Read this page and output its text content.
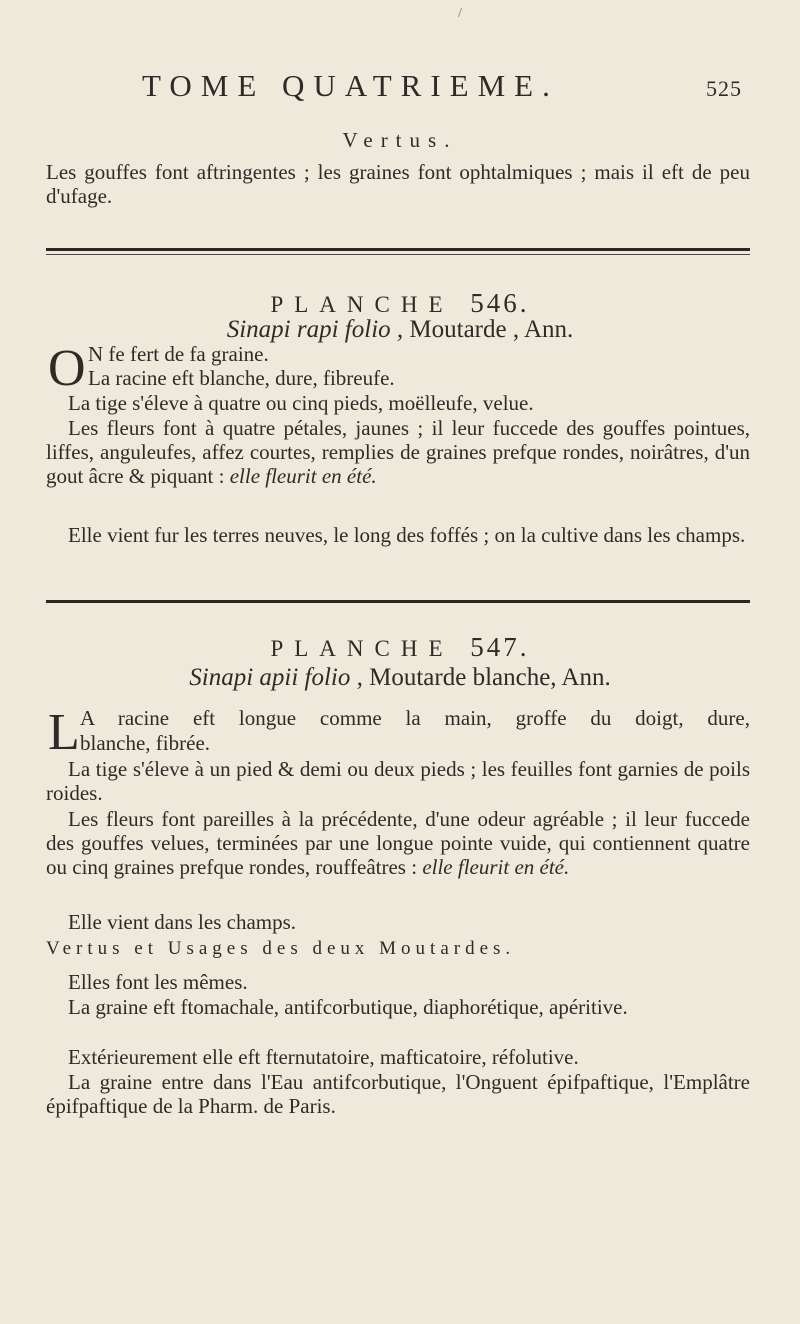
/
TOME QUATRIEME.	525
Vertus.

Les gouffes font aftringentes ; les graines font ophtalmiques ; mais il eft de peu d'ufage.

PLANCHE 546.
Sinapi rapi folio , Moutarde , Ann.
O N fe fert de fa graine.

La racine eft blanche, dure, fibreufe.

La tige s'éleve à quatre ou cinq pieds, moëlleufe, velue.

Les fleurs font à quatre pétales, jaunes ; il leur fuccede des gouffes pointues, liffes, anguleufes, affez courtes, remplies de graines prefque rondes, noirâtres, d'un gout âcre & piquant : elle fleurit en été.

Elle vient fur les terres neuves, le long des foffés ; on la cultive dans les champs.

PLANCHE 547.
Sinapi apii folio , Moutarde blanche, Ann.
L A racine eft longue comme la main, groffe du doigt, dure,

blanche, fibrée.

La tige s'éleve à un pied & demi ou deux pieds ; les feuilles font garnies de poils roides.

Les fleurs font pareilles à la précédente, d'une odeur agréable ; il leur fuccede des gouffes velues, terminées par une longue pointe vuide, qui contiennent quatre ou cinq graines prefque rondes, rouffeâtres : elle fleurit en été.

Elle vient dans les champs.

Vertus et Usages des deux Moutardes.

Elles font les mêmes.

La graine eft ftomachale, antifcorbutique, diaphorétique, apéritive.

Extérieurement elle eft fternutatoire, mafticatoire, réfolutive.

La graine entre dans l'Eau antifcorbutique, l'Onguent épifpaftique, l'Emplâtre épifpaftique de la Pharm. de Paris.
